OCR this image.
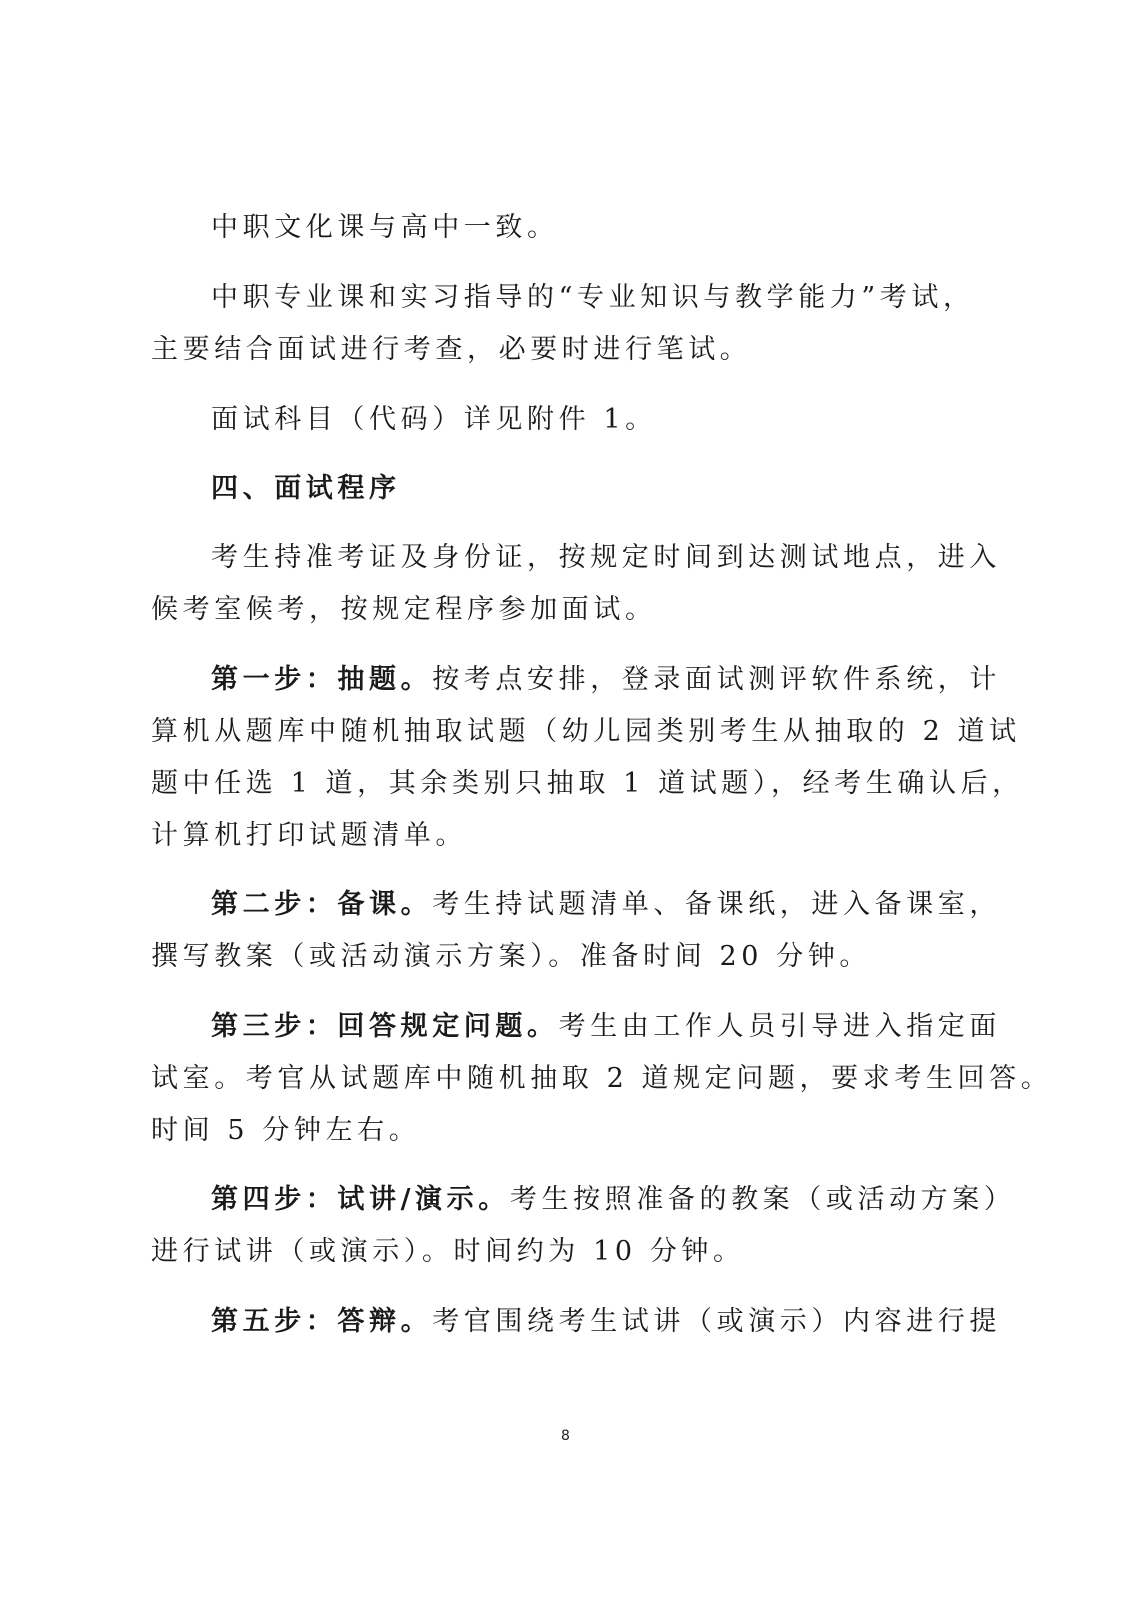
中职文化课与高中一致。
中职专业课和实习指导的“专业知识与教学能力”考试，
主要结合面试进行考查，必要时进行笔试。
面试科目（代码）详见附件 1。
四、面试程序
考生持准考证及身份证，按规定时间到达测试地点，进入
候考室候考，按规定程序参加面试。
第一步：抽题。按考点安排，登录面试测评软件系统，计
算机从题库中随机抽取试题（幼儿园类别考生从抽取的 2 道试
题中任选 1 道，其余类别只抽取 1 道试题），经考生确认后，
计算机打印试题清单。
第二步：备课。考生持试题清单、备课纸，进入备课室，
撰写教案（或活动演示方案）。准备时间 20 分钟。
第三步：回答规定问题。考生由工作人员引导进入指定面
试室。考官从试题库中随机抽取 2 道规定问题，要求考生回答。
时间 5 分钟左右。
第四步：试讲/演示。考生按照准备的教案（或活动方案）
进行试讲（或演示）。时间约为 10 分钟。
第五步：答辩。考官围绕考生试讲（或演示）内容进行提
8
